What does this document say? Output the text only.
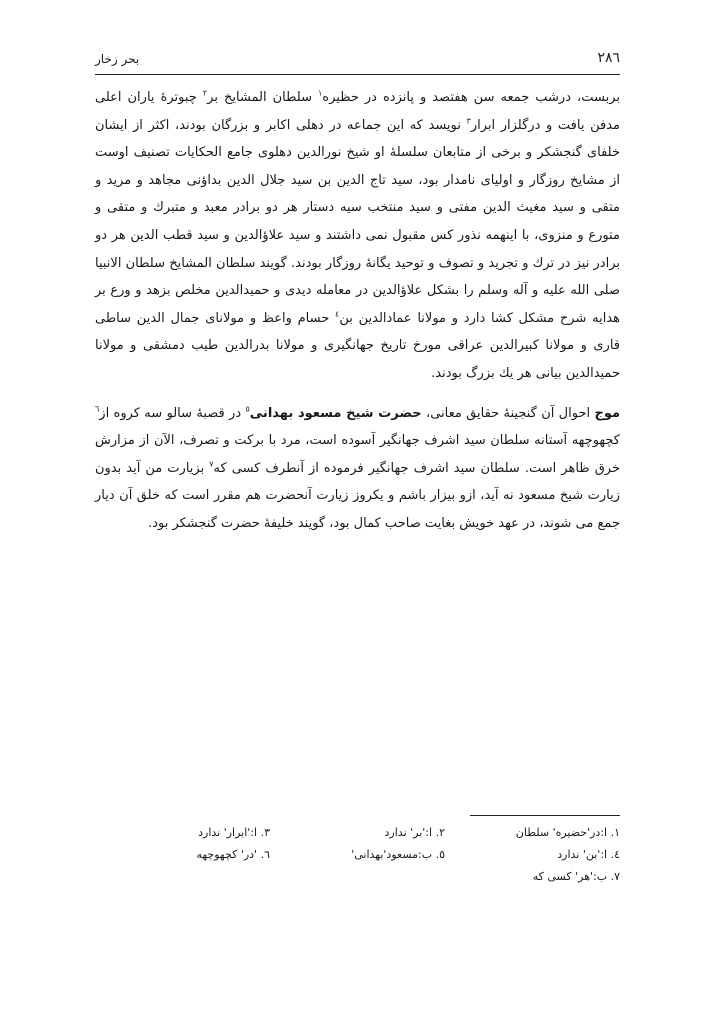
۲۸٦
بحر زخار

بربست، درشب جمعه سن هفتصد و پانزده در حظیره$^۱$ سلطان المشایخ بر$^۲$ چبوترهٔ یاران اعلی مدفن یافت و درگلزار ابرار$^۳$ نویسد که این جماعه در دهلی اکابر و بزرگان بودند، اکثر از ایشان خلفای گنجشکر و برخی از متابعان سلسلهٔ او شیخ نورالدین دهلوی جامع الحکایات تصنیف اوست از مشایخ روزگار و اولیای نامدار بود، سید تاج الدین بن سید جلال الدین بداؤنی مجاهد و مرید و متقی و سید مغیث الدین مفتی و سید منتخب سیه دستار هر دو برادر معبد و متبرك و متقی و متورع و منزوی، با اینهمه نذور کس مقبول نمی داشتند و سید علاؤالدین و سید قطب الدین هر دو برادر نیز در ترك و تجرید و تصوف و توحید یگانهٔ روزگار بودند. گویند سلطان المشایخ سلطان الانبیا صلی الله علیه و آله وسلم را بشکل علاؤالدین در معامله دیدی و حمیدالدین مخلص بزهد و ورع بر هدایه شرح مشکل کشا دارد و مولانا عمادالدین بن$^٤$ حسام واعظ و مولانای جمال الدین ساطی قاری و مولانا کبیرالدین عراقی مورخ تاریخ جهانگیری و مولانا بدرالدین طیب دمشقی و مولانا حمیدالدین بیانی هر یك بزرگ بودند.

موج احوال آن گنجینهٔ حقایق معانی، حضرت شیخ مسعود بهدانی$^٥$ در قصبهٔ سالو سه کروه از$^٦$ کچهوچهه آستانه سلطان سید اشرف جهانگیر آسوده است، مرد با برکت و تصرف، الآن از مزارش خرق ظاهر است. سلطان سید اشرف جهانگیر فرموده از آنطرف کسی که$^٧$ بزیارت من آید بدون زیارت شیخ مسعود نه آید، ازو بیزار باشم و یکروز زیارت آنحضرت هم مقرر است که خلق آن دیار جمع می شوند، در عهد خویش بغایت صاحب کمال بود، گویند خلیفهٔ حضرت گنجشکر بود.

۱. ا:در'حضیره' سلطان
۲. ا:'بر' ندارد
۳. ا:'ابرار' ندارد
٤. ا:'بن' ندارد
٥. ب:مسعود'بهدانی'
٦. 'در' کچهوچهه
۷. ب:'هر' کسی که
